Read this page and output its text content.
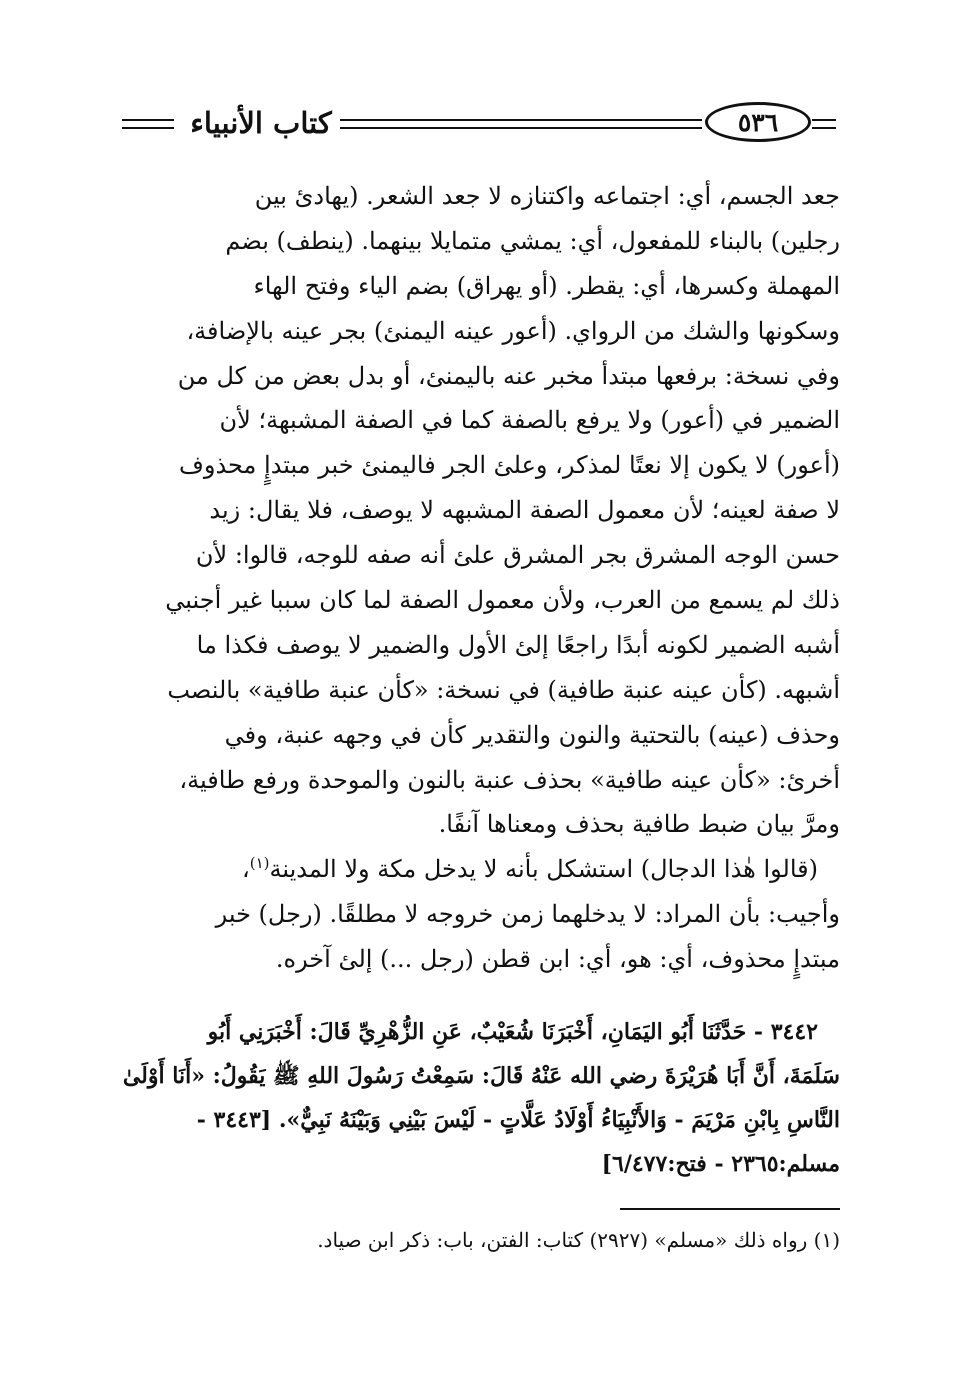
كتاب الأنبياء	٥٣٦
جعد الجسم، أي: اجتماعه واكتنازه لا جعد الشعر. (يهادئ بين
رجلين) بالبناء للمفعول، أي: يمشي متمايلا بينهما. (ينطف) بضم
المهملة وكسرها، أي: يقطر. (أو يهراق) بضم الياء وفتح الهاء
وسكونها والشك من الرواي. (أعور عينه اليمنئ) بجر عينه بالإضافة،
وفي نسخة: برفعها مبتدأ مخبر عنه باليمنئ، أو بدل بعض من كل من
الضمير في (أعور) ولا يرفع بالصفة كما في الصفة المشبهة؛ لأن
(أعور) لا يكون إلا نعتًا لمذكر، وعلئ الجر فاليمنئ خبر مبتدإٍ محذوف
لا صفة لعينه؛ لأن معمول الصفة المشبهه لا يوصف، فلا يقال: زيد
حسن الوجه المشرق بجر المشرق علئ أنه صفه للوجه، قالوا: لأن
ذلك لم يسمع من العرب، ولأن معمول الصفة لما كان سببا غير أجنبي
أشبه الضمير لكونه أبدًا راجعًا إلئ الأول والضمير لا يوصف فكذا ما
أشبهه. (كأن عينه عنبة طافية) في نسخة: «كأن عنبة طافية» بالنصب
وحذف (عينه) بالتحتية والنون والتقدير كأن في وجهه عنبة، وفي
أخرئ: «كأن عينه طافية» بحذف عنبة بالنون والموحدة ورفع طافية،
ومرَّ بيان ضبط طافية بحذف ومعناها آنفًا.
(قالوا هٰذا الدجال) استشكل بأنه لا يدخل مكة ولا المدينة$^{(١)}$،
وأجيب: بأن المراد: لا يدخلهما زمن خروجه لا مطلقًا. (رجل) خبر
مبتدإٍ محذوف، أي: هو، أي: ابن قطن (رجل ...) إلئ آخره.
٣٤٤٢ - حَدَّثَنَا أَبُو اليَمَانِ، أَخْبَرَنَا شُعَيْبٌ، عَنِ الزُّهْرِيِّ قَالَ: أَخْبَرَنِي أَبُو
سَلَمَةَ، أَنَّ أَبَا هُرَيْرَةَ رضي الله عَنْهُ قَالَ: سَمِعْتُ رَسُولَ اللهِ ﷺ يَقُولُ: «أَنَا أَوْلَىٰ
النَّاسِ بِابْنِ مَرْيَمَ - وَالأَنْبِيَاءُ أَوْلَادُ عَلَّاتٍ - لَيْسَ بَيْنِي وَبَيْنَهُ نَبِيٌّ». [٣٤٤٣ -
مسلم:٢٣٦٥ - فتح:٦/٤٧٧]
(١) رواه ذلك «مسلم» (٢٩٢٧) كتاب: الفتن، باب: ذكر ابن صياد.
